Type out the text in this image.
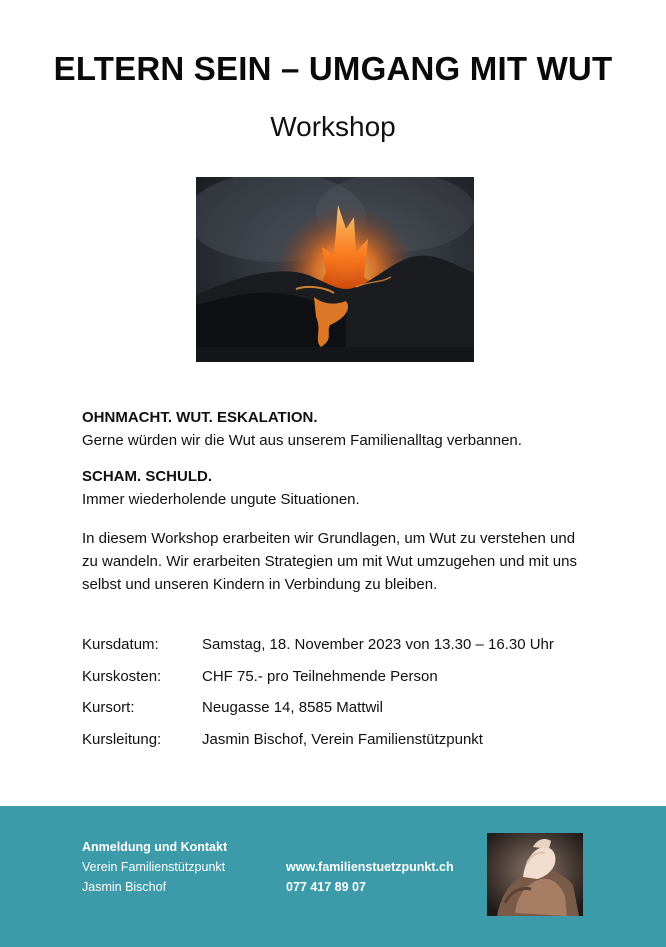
ELTERN SEIN – UMGANG MIT WUT
Workshop
OHNMACHT. WUT. ESKALATION.
Gerne würden wir die Wut aus unserem Familienalltag verbannen.
SCHAM. SCHULD.
Immer wiederholende ungute Situationen.
In diesem Workshop erarbeiten wir Grundlagen, um Wut zu verstehen und
zu wandeln. Wir erarbeiten Strategien um mit Wut umzugehen und mit uns
selbst und unseren Kindern in Verbindung zu bleiben.
Kursdatum:	Samstag, 18. November 2023 von 13.30 – 16.30 Uhr
Kurskosten:	CHF 75.- pro Teilnehmende Person
Kursort:	Neugasse 14, 8585 Mattwil
Kursleitung:	Jasmin Bischof, Verein Familienstützpunkt
Anmeldung und Kontakt
Verein Familienstützpunkt
Jasmin Bischof
www.familienstuetzpunkt.ch
077 417 89 07
